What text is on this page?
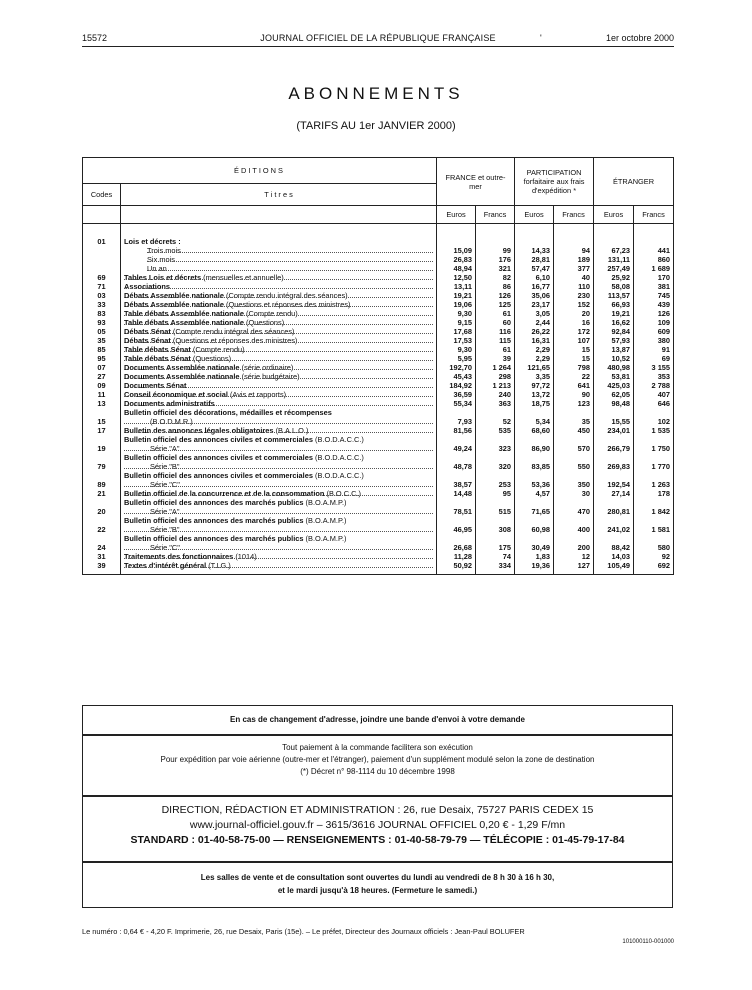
15572	JOURNAL OFFICIEL DE LA RÉPUBLIQUE FRANÇAISE	'	1er octobre 2000
ABONNEMENTS
(TARIFS AU 1er JANVIER 2000)
ÉDITIONS		FRANCE et outre-mer		PARTICIPATION forfaitaire aux frais d'expédition *		ÉTRANGER	
Codes	T i t r e s						
		Euros	Francs	Euros	Francs	Euros	Francs
01	Lois et décrets :						

	Trois mois	15,09	99	14,33	94	67,23	441

	Six mois	26,83	176	28,81	189	131,11	860

	Un an	48,94	321	57,47	377	257,49	1 689
69	Tables Lois et décrets (mensuelles et annuelle)	12,50	82	6,10	40	25,92	170
71	Associations	13,11	86	16,77	110	58,08	381
03	Débats Assemblée nationale (Compte rendu intégral des séances)	19,21	126	35,06	230	113,57	745
33	Débats Assemblée nationale (Questions et réponses des ministres)	19,06	125	23,17	152	66,93	439
83	Table débats Assemblée nationale (Compte rendu)	9,30	61	3,05	20	19,21	126
93	Table débats Assemblée nationale (Questions)	9,15	60	2,44	16	16,62	109
05	Débats Sénat (Compte rendu intégral des séances)	17,68	116	26,22	172	92,84	609
35	Débats Sénat (Questions et réponses des ministres)	17,53	115	16,31	107	57,93	380
85	Table débats Sénat (Compte rendu)	9,30	61	2,29	15	13,87	91
95	Table débats Sénat (Questions)	5,95	39	2,29	15	10,52	69
07	Documents Assemblée nationale (série ordinaire)	192,70	1 264	121,65	798	480,98	3 155
27	Documents Assemblée nationale (série budgétaire)	45,43	298	3,35	22	53,81	353
09	Documents Sénat	184,92	1 213	97,72	641	425,03	2 788
11	Conseil économique et social (Avis et rapports)	36,59	240	13,72	90	62,05	407
13	Documents administratifs	55,34	363	18,75	123	98,48	646
15	Bulletin officiel des décorations, médailles et récompenses
(B.O.D.M.R.)	7,93	52	5,34	35	15,55	102
17	Bulletin des annonces légales obligatoires (B.A.L.O.)	81,56	535	68,60	450	234,01	1 535
19	Bulletin officiel des annonces civiles et commerciales (B.O.D.A.C.C.)
Série "A"	49,24	323	86,90	570	266,79	1 750
79	Bulletin officiel des annonces civiles et commerciales (B.O.D.A.C.C.)
Série "B"	48,78	320	83,85	550	269,83	1 770
89	Bulletin officiel des annonces civiles et commerciales (B.O.D.A.C.C.)
Série "C"	38,57	253	53,36	350	192,54	1 263
21	Bulletin officiel de la concurrence et de la consommation (B.O.C.C.)	14,48	95	4,57	30	27,14	178
20	Bulletin officiel des annonces des marchés publics (B.O.A.M.P.)
Série "A"	78,51	515	71,65	470	280,81	1 842
22	Bulletin officiel des annonces des marchés publics (B.O.A.M.P.)
Série "B"	46,95	308	60,98	400	241,02	1 581
24	Bulletin officiel des annonces des marchés publics (B.O.A.M.P.)
Série "C"	26,68	175	30,49	200	88,42	580
31	Traitements des fonctionnaires (1014)	11,28	74	1,83	12	14,03	92
39	Textes d'intérêt général (T.I.G.)	50,92	334	19,36	127	105,49	692
En cas de changement d'adresse, joindre une bande d'envoi à votre demande
Tout paiement à la commande facilitera son exécution
Pour expédition par voie aérienne (outre-mer et l'étranger), paiement d'un supplément modulé selon la zone de destination
(*) Décret n° 98-1114 du 10 décembre 1998
DIRECTION, RÉDACTION ET ADMINISTRATION : 26, rue Desaix, 75727 PARIS CEDEX 15
www.journal-officiel.gouv.fr – 3615/3616 JOURNAL OFFICIEL 0,20 € - 1,29 F/mn
STANDARD : 01-40-58-75-00 — RENSEIGNEMENTS : 01-40-58-79-79 — TÉLÉCOPIE : 01-45-79-17-84
Les salles de vente et de consultation sont ouvertes du lundi au vendredi de 8 h 30 à 16 h 30,
et le mardi jusqu'à 18 heures. (Fermeture le samedi.)
Le numéro : 0,64 € - 4,20 F. Imprimerie, 26, rue Desaix, Paris (15e). – Le préfet, Directeur des Journaux officiels : Jean-Paul BOLUFER
101000110-001000
